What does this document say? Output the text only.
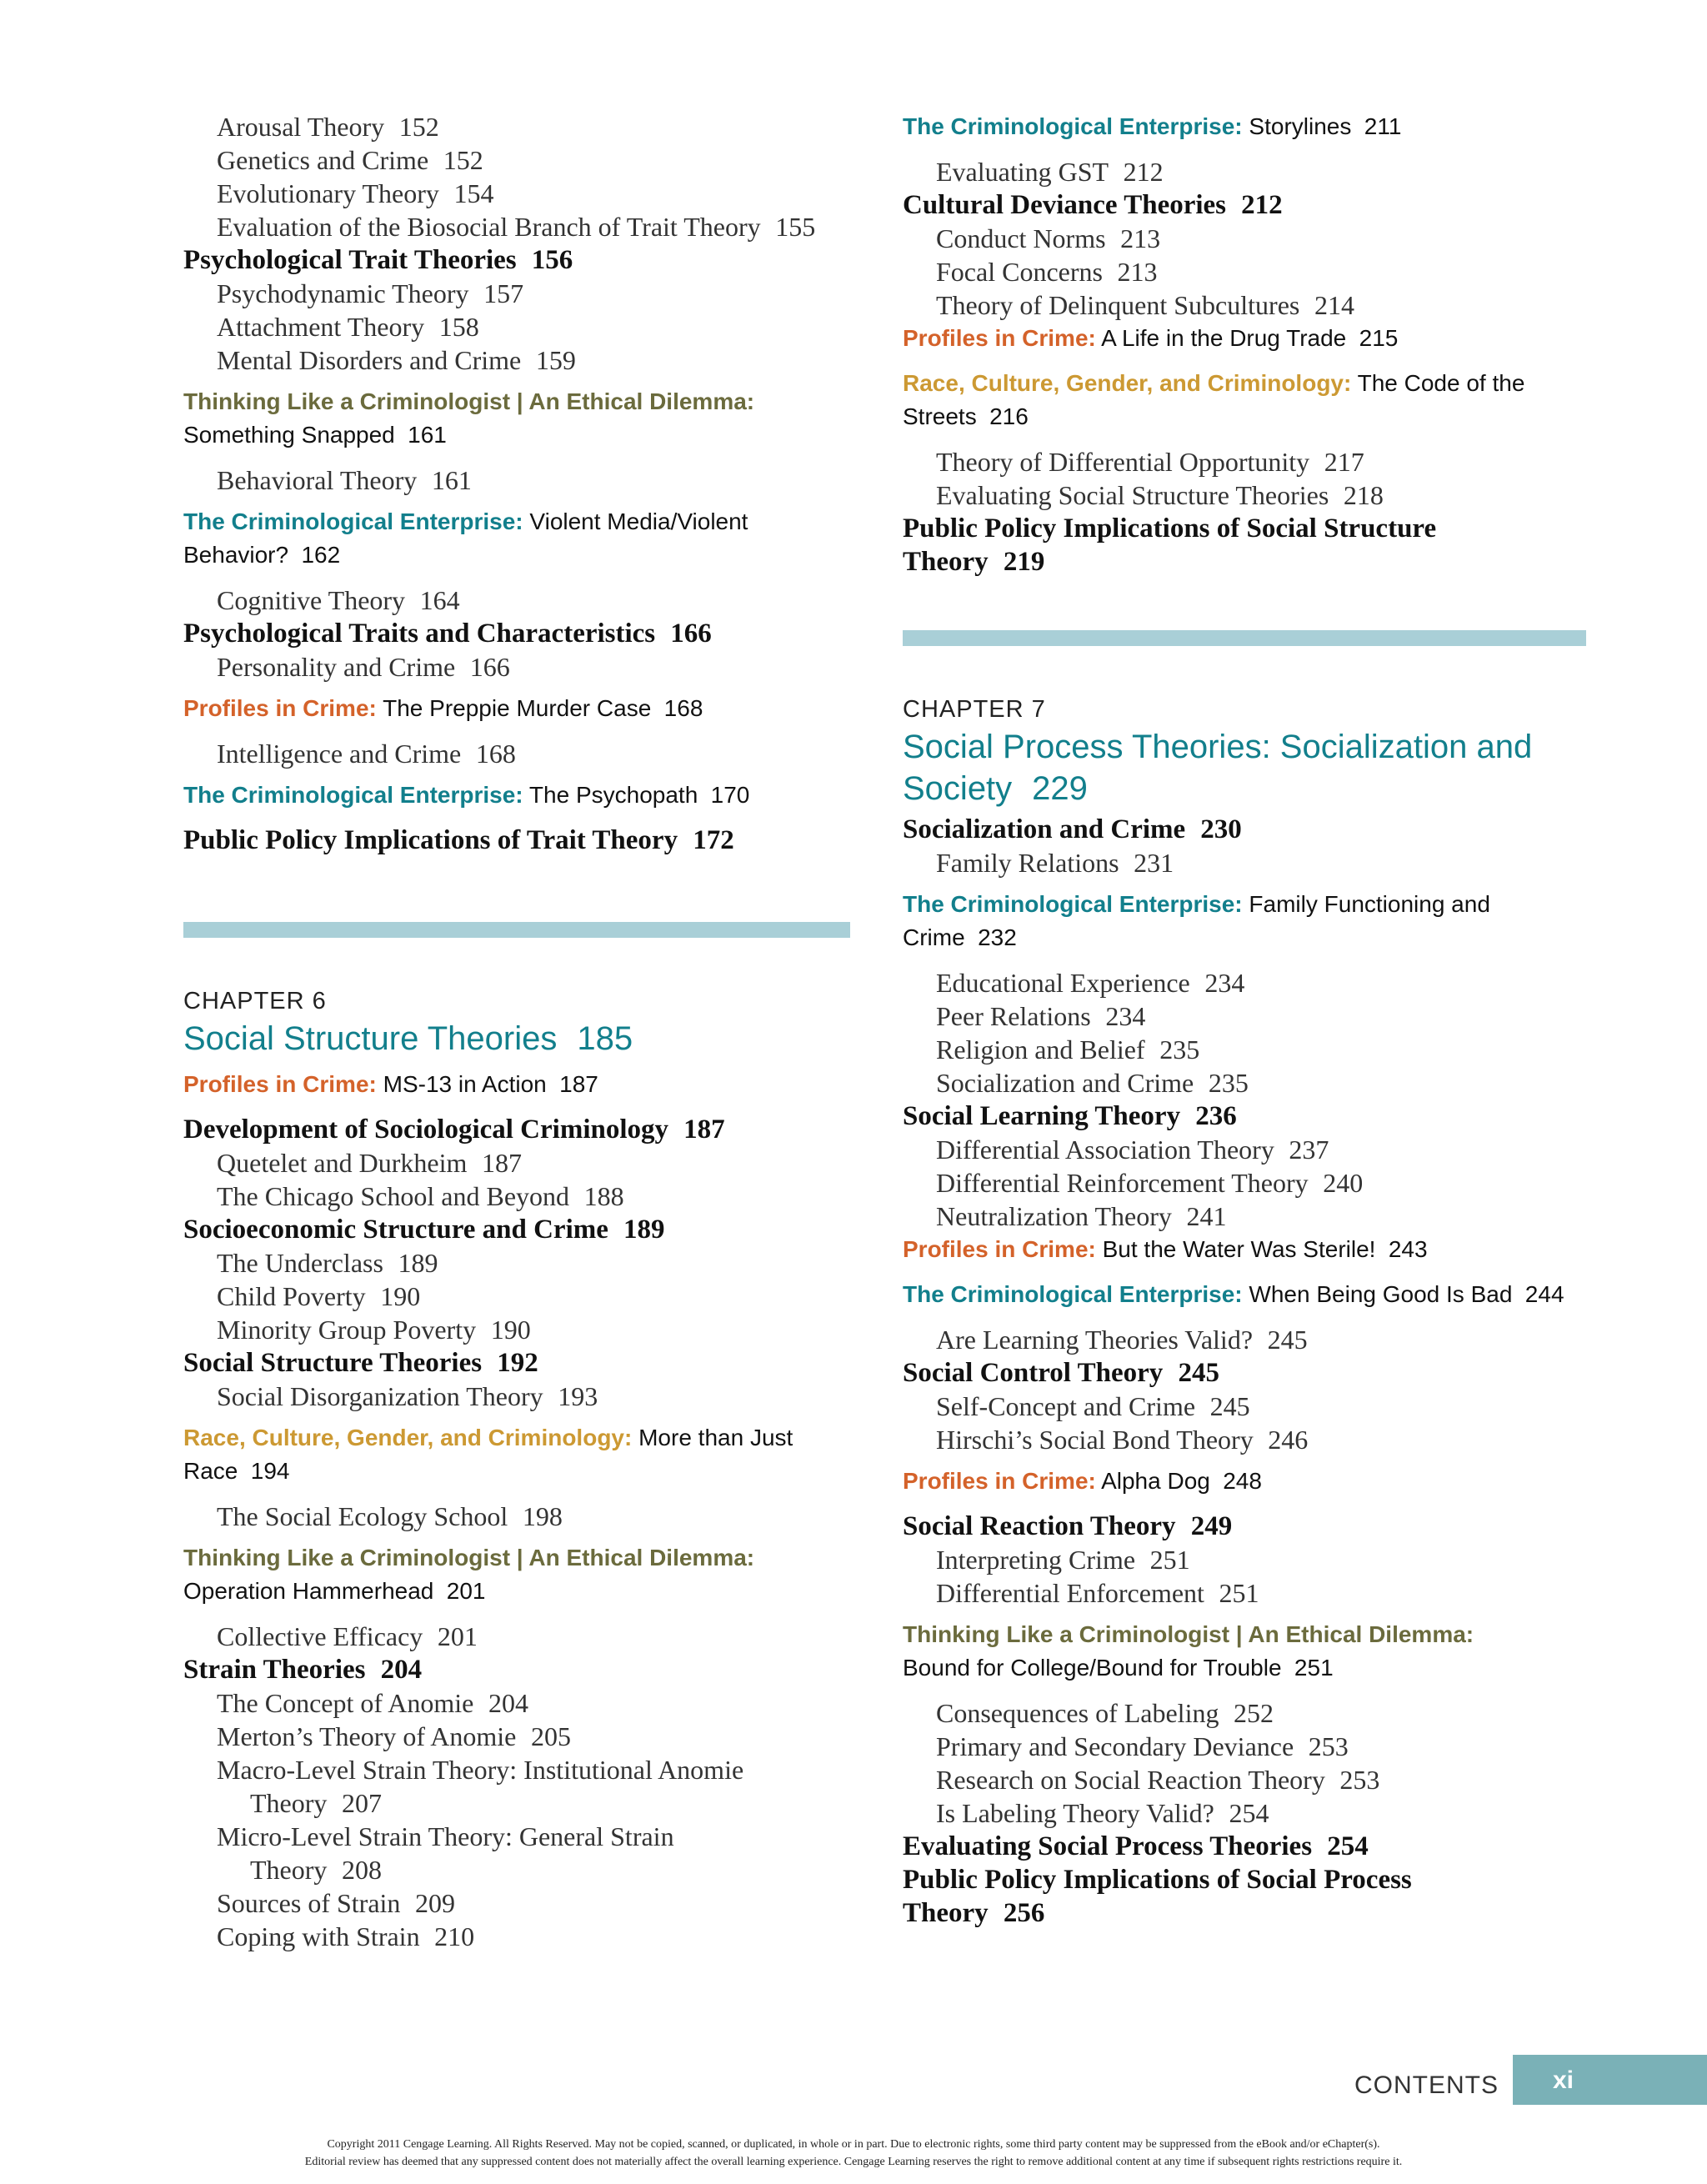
Arousal Theory 152
Genetics and Crime 152
Evolutionary Theory 154
Evaluation of the Biosocial Branch of Trait Theory 155
Psychological Trait Theories 156
Psychodynamic Theory 157
Attachment Theory 158
Mental Disorders and Crime 159
Thinking Like a Criminologist | An Ethical Dilemma:
Something Snapped 161
Behavioral Theory 161
The Criminological Enterprise: Violent Media/Violent Behavior? 162
Cognitive Theory 164
Psychological Traits and Characteristics 166
Personality and Crime 166
Profiles in Crime: The Preppie Murder Case 168
Intelligence and Crime 168
The Criminological Enterprise: The Psychopath 170
Public Policy Implications of Trait Theory 172
CHAPTER 6
Social Structure Theories 185
Profiles in Crime: MS-13 in Action 187
Development of Sociological Criminology 187
Quetelet and Durkheim 187
The Chicago School and Beyond 188
Socioeconomic Structure and Crime 189
The Underclass 189
Child Poverty 190
Minority Group Poverty 190
Social Structure Theories 192
Social Disorganization Theory 193
Race, Culture, Gender, and Criminology: More than Just Race 194
The Social Ecology School 198
Thinking Like a Criminologist | An Ethical Dilemma:
Operation Hammerhead 201
Collective Efficacy 201
Strain Theories 204
The Concept of Anomie 204
Merton’s Theory of Anomie 205
Macro-Level Strain Theory: Institutional Anomie
Theory 207
Micro-Level Strain Theory: General Strain
Theory 208
Sources of Strain 209
Coping with Strain 210
The Criminological Enterprise: Storylines 211
Evaluating GST 212
Cultural Deviance Theories 212
Conduct Norms 213
Focal Concerns 213
Theory of Delinquent Subcultures 214
Profiles in Crime: A Life in the Drug Trade 215
Race, Culture, Gender, and Criminology: The Code of the Streets 216
Theory of Differential Opportunity 217
Evaluating Social Structure Theories 218
Public Policy Implications of Social Structure
Theory 219
CHAPTER 7
Social Process Theories: Socialization and Society 229
Socialization and Crime 230
Family Relations 231
The Criminological Enterprise: Family Functioning and Crime 232
Educational Experience 234
Peer Relations 234
Religion and Belief 235
Socialization and Crime 235
Social Learning Theory 236
Differential Association Theory 237
Differential Reinforcement Theory 240
Neutralization Theory 241
Profiles in Crime: But the Water Was Sterile! 243
The Criminological Enterprise: When Being Good Is Bad 244
Are Learning Theories Valid? 245
Social Control Theory 245
Self-Concept and Crime 245
Hirschi’s Social Bond Theory 246
Profiles in Crime: Alpha Dog 248
Social Reaction Theory 249
Interpreting Crime 251
Differential Enforcement 251
Thinking Like a Criminologist | An Ethical Dilemma:
Bound for College/Bound for Trouble 251
Consequences of Labeling 252
Primary and Secondary Deviance 253
Research on Social Reaction Theory 253
Is Labeling Theory Valid? 254
Evaluating Social Process Theories 254
Public Policy Implications of Social Process
Theory 256
CONTENTS xi
Copyright 2011 Cengage Learning. All Rights Reserved. May not be copied, scanned, or duplicated, in whole or in part. Due to electronic rights, some third party content may be suppressed from the eBook and/or eChapter(s).
Editorial review has deemed that any suppressed content does not materially affect the overall learning experience. Cengage Learning reserves the right to remove additional content at any time if subsequent rights restrictions require it.
